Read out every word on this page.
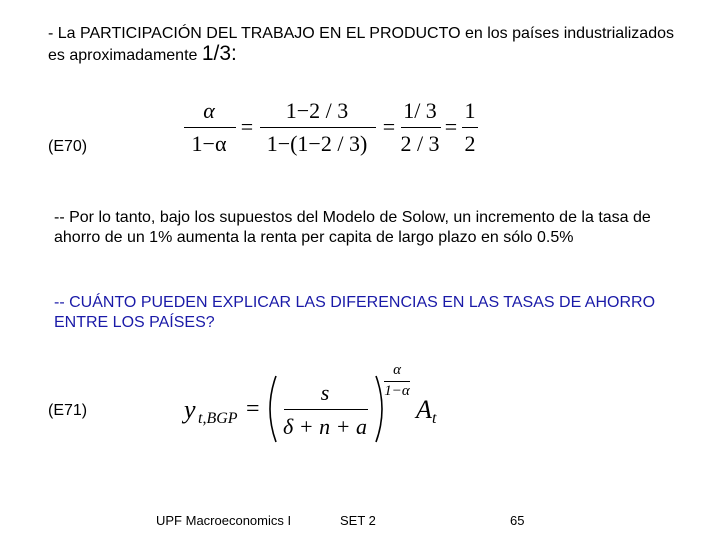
- La PARTICIPACIÓN DEL TRABAJO EN EL PRODUCTO en los países industrializados es aproximadamente 1/3:
(E70)
α
1−α
=
1−2 / 3
1−(1−2 / 3)
=
1/ 3
2 / 3
=
1
2
-- Por lo tanto, bajo los supuestos del Modelo de Solow, un incremento de la tasa de ahorro de un 1% aumenta la renta per capita de largo plazo en sólo 0.5%
-- CUÁNTO PUEDEN EXPLICAR LAS DIFERENCIAS EN LAS TASAS DE AHORRO ENTRE LOS PAÍSES?
(E71)	y t,BGP =
s
δ + n + a
α
1−α
A t
UPF Macroeconomics I	SET 2	65
